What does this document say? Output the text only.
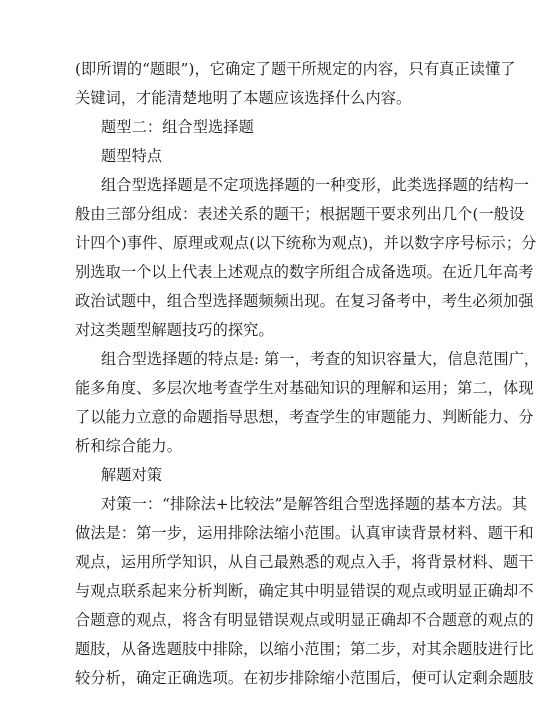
(即所谓的“题眼”)，它确定了题干所规定的内容，只有真正读懂了
关键词，才能清楚地明了本题应该选择什么内容。
题型二：组合型选择题
题型特点
组合型选择题是不定项选择题的一种变形，此类选择题的结构一
般由三部分组成：表述关系的题干；根据题干要求列出几个(一般设
计四个)事件、原理或观点(以下统称为观点)，并以数字序号标示；分
别选取一个以上代表上述观点的数字所组合成备选项。在近几年高考
政治试题中，组合型选择题频频出现。在复习备考中，考生必须加强
对这类题型解题技巧的探究。
组合型选择题的特点是: 第一，考查的知识容量大，信息范围广，
能多角度、多层次地考查学生对基础知识的理解和运用；第二，体现
了以能力立意的命题指导思想，考查学生的审题能力、判断能力、分
析和综合能力。
解题对策
对策一：“排除法+比较法”是解答组合型选择题的基本方法。其
做法是：第一步，运用排除法缩小范围。认真审读背景材料、题干和
观点，运用所学知识，从自己最熟悉的观点入手，将背景材料、题干
与观点联系起来分析判断，确定其中明显错误的观点或明显正确却不
合题意的观点，将含有明显错误观点或明显正确却不合题意的观点的
题肢，从备选题肢中排除，以缩小范围；第二步，对其余题肢进行比
较分析，确定正确选项。在初步排除缩小范围后，便可认定剩余题肢
